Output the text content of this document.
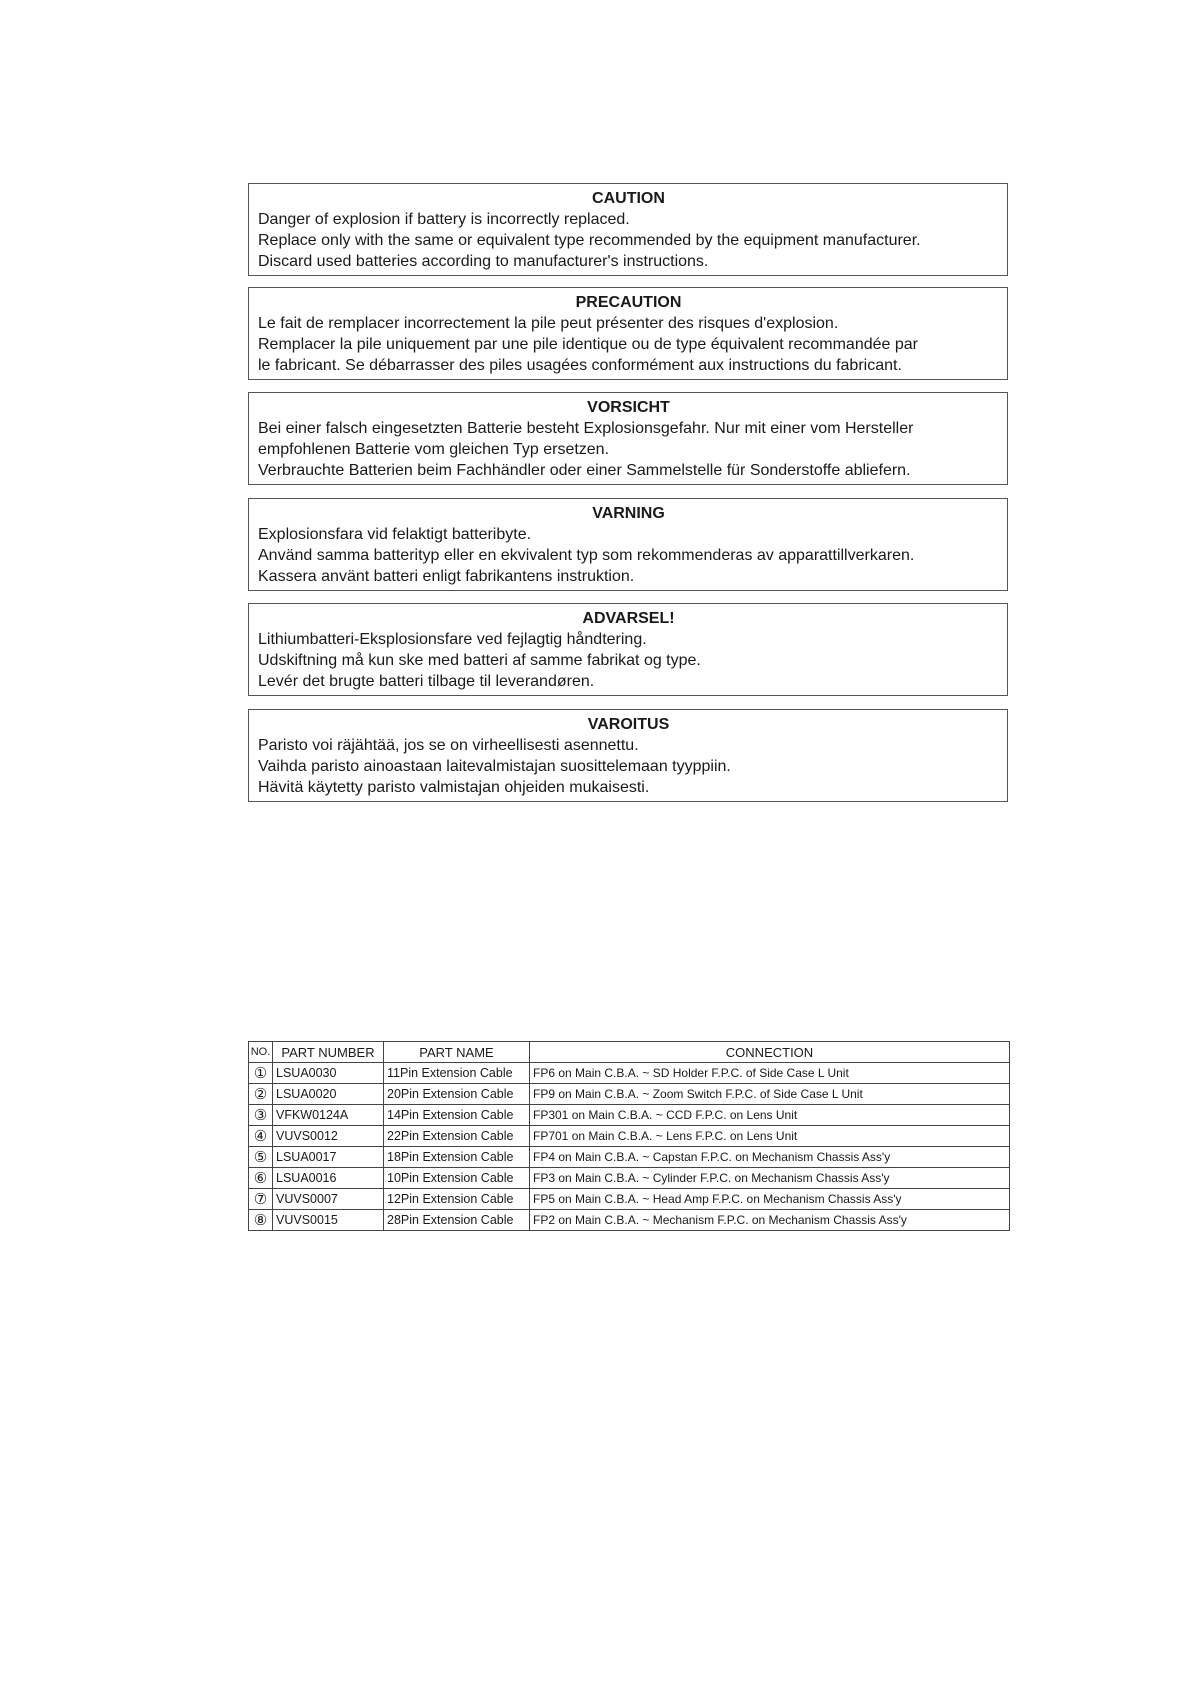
CAUTION
Danger of explosion if battery is incorrectly replaced.
Replace only with the same or equivalent type recommended by the equipment manufacturer.
Discard used batteries according to manufacturer's instructions.
PRECAUTION
Le fait de remplacer incorrectement la pile peut présenter des risques d'explosion.
Remplacer la pile uniquement par une pile identique ou de type équivalent recommandée par
le fabricant. Se débarrasser des piles usagées conformément aux instructions du fabricant.
VORSICHT
Bei einer falsch eingesetzten Batterie besteht Explosionsgefahr. Nur mit einer vom Hersteller
empfohlenen Batterie vom gleichen Typ ersetzen.
Verbrauchte Batterien beim Fachhändler oder einer Sammelstelle für Sonderstoffe abliefern.
VARNING
Explosionsfara vid felaktigt batteribyte.
Använd samma batterityp eller en ekvivalent typ som rekommenderas av apparattillverkaren.
Kassera använt batteri enligt fabrikantens instruktion.
ADVARSEL!
Lithiumbatteri-Eksplosionsfare ved fejlagtig håndtering.
Udskiftning må kun ske med batteri af samme fabrikat og type.
Levér det brugte batteri tilbage til leverandøren.
VAROITUS
Paristo voi räjähtää, jos se on virheellisesti asennettu.
Vaihda paristo ainoastaan laitevalmistajan suosittelemaan tyyppiin.
Hävitä käytetty paristo valmistajan ohjeiden mukaisesti.
NO.	PART NUMBER	PART NAME	CONNECTION
①	LSUA0030	11Pin Extension Cable	FP6 on Main C.B.A. ~ SD Holder F.P.C. of Side Case L Unit
②	LSUA0020	20Pin Extension Cable	FP9 on Main C.B.A. ~ Zoom Switch F.P.C. of Side Case L Unit
③	VFKW0124A	14Pin Extension Cable	FP301 on Main C.B.A. ~ CCD F.P.C. on Lens Unit
④	VUVS0012	22Pin Extension Cable	FP701 on Main C.B.A. ~ Lens F.P.C. on Lens Unit
⑤	LSUA0017	18Pin Extension Cable	FP4 on Main C.B.A. ~ Capstan F.P.C. on Mechanism Chassis Ass'y
⑥	LSUA0016	10Pin Extension Cable	FP3 on Main C.B.A. ~ Cylinder F.P.C. on Mechanism Chassis Ass'y
⑦	VUVS0007	12Pin Extension Cable	FP5 on Main C.B.A. ~ Head Amp F.P.C. on Mechanism Chassis Ass'y
⑧	VUVS0015	28Pin Extension Cable	FP2 on Main C.B.A. ~ Mechanism F.P.C. on Mechanism Chassis Ass'y
